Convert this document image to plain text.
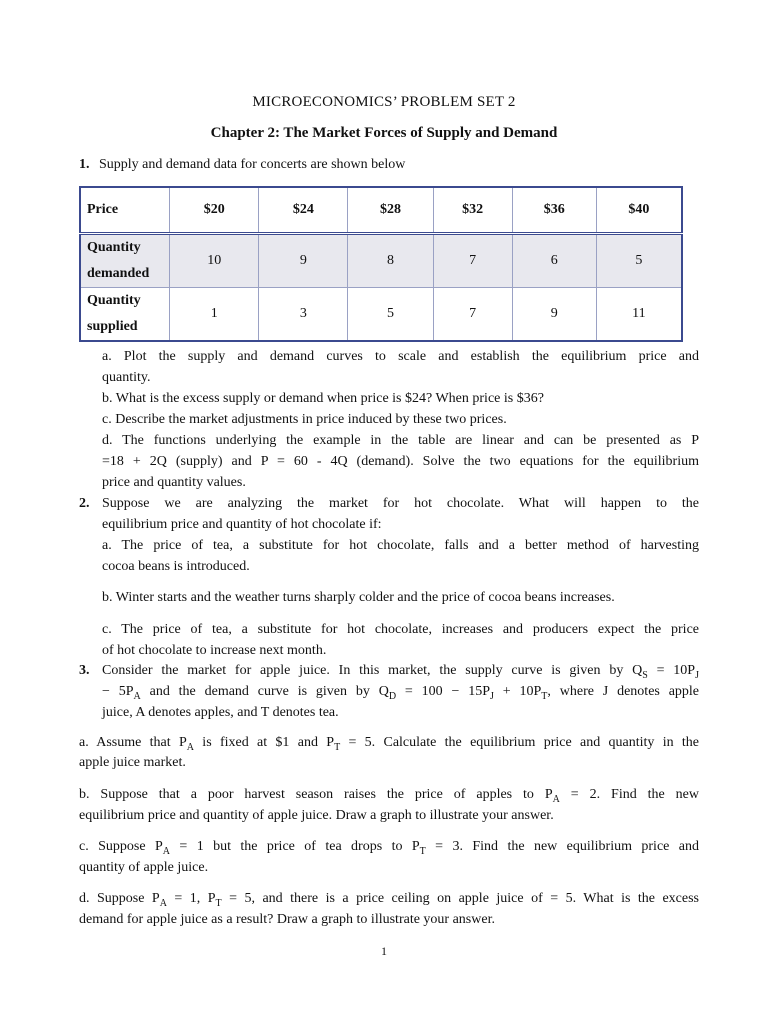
MICROECONOMICS’ PROBLEM SET 2
Chapter 2: The Market Forces of Supply and Demand
1. Supply and demand data for concerts are shown below
Price	$20	$24	$28	$32	$36	$40
Quantity
demanded	10	9	8	7	6	5
Quantity
supplied	1	3	5	7	9	11
a. Plot the supply and demand curves to scale and establish the equilibrium price and
quantity.
b. What is the excess supply or demand when price is $24? When price is $36?
c. Describe the market adjustments in price induced by these two prices.
d. The functions underlying the example in the table are linear and can be presented as P
=18 + 2Q (supply) and P = 60 - 4Q (demand). Solve the two equations for the equilibrium
price and quantity values.
2. Suppose we are analyzing the market for hot chocolate. What will happen to the
equilibrium price and quantity of hot chocolate if:
a. The price of tea, a substitute for hot chocolate, falls and a better method of harvesting
cocoa beans is introduced.
b. Winter starts and the weather turns sharply colder and the price of cocoa beans increases.
c. The price of tea, a substitute for hot chocolate, increases and producers expect the price
of hot chocolate to increase next month.
3. Consider the market for apple juice. In this market, the supply curve is given by $Q_S = 10P_J$
− $5P_A$ and the demand curve is given by $Q_D = 100 - 15P_J + 10P_T$, where J denotes apple
juice, A denotes apples, and T denotes tea.
a. Assume that $P_A$ is fixed at $1 and $P_T = 5$. Calculate the equilibrium price and quantity in the
apple juice market.
b. Suppose that a poor harvest season raises the price of apples to $P_A = 2$. Find the new
equilibrium price and quantity of apple juice. Draw a graph to illustrate your answer.
c. Suppose $P_A = 1$ but the price of tea drops to $P_T = 3$. Find the new equilibrium price and
quantity of apple juice.
d. Suppose $P_A = 1$, $P_T = 5$, and there is a price ceiling on apple juice of = 5. What is the excess
demand for apple juice as a result? Draw a graph to illustrate your answer.
1
